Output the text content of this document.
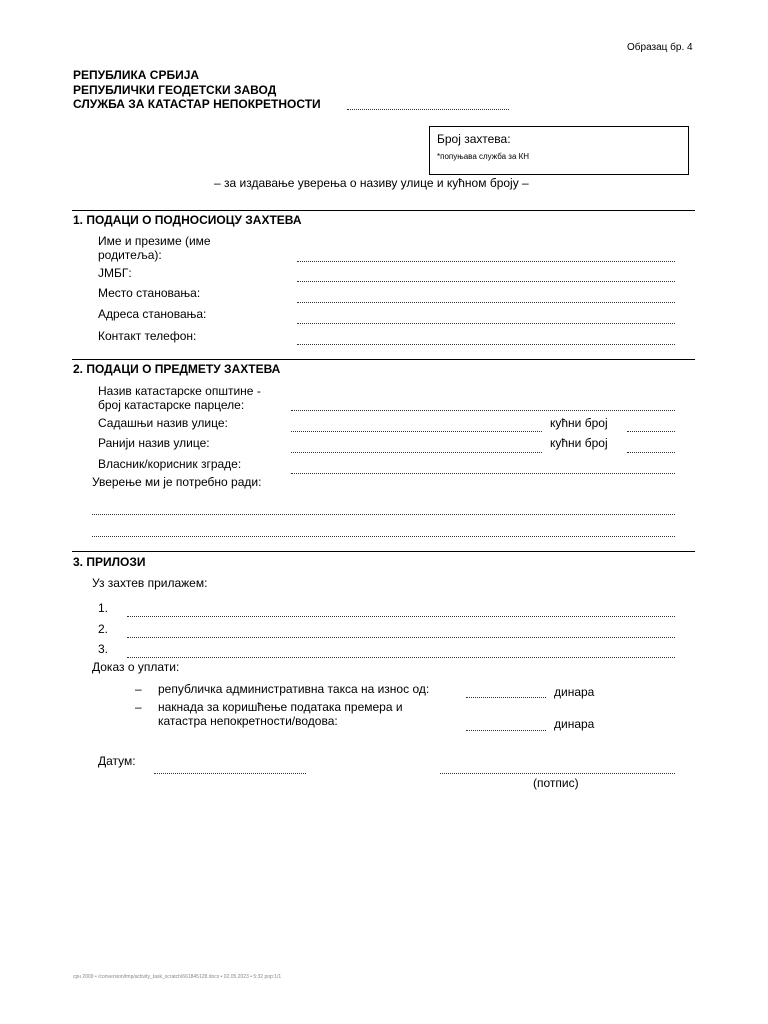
Образац бр. 4
РЕПУБЛИКА СРБИЈА
РЕПУБЛИЧКИ ГЕОДЕТСКИ ЗАВОД
СЛУЖБА ЗА КАТАСТАР НЕПОКРЕТНОСТИ
Број захтева:
*попуњава служба за КН
– за издавање уверења о називу улице и кућном броју –
1. ПОДАЦИ О ПОДНОСИОЦУ ЗАХТЕВА
Име и презиме (име
родитеља):
ЈМБГ:
Место становања:
Адреса становања:
Контакт телефон:
2. ПОДАЦИ О ПРЕДМЕТУ ЗАХТЕВА
Назив катастарске општине -
број катастарске парцеле:
Садашњи назив улице:	кућни број
Ранији назив улице:	кућни број
Власник/корисник зграде:
Уверење ми је потребно ради:
3. ПРИЛОЗИ
Уз захтев прилажем:
1.
2.
3.
Доказ о уплати:
– републичка административна такса на износ од:	динара
– накнада за коришћење података премера и
катастра непокретности/водова:	динара
Датум:
(потпис)
срн 2009 • /conversion/tmp/activity_task_scratch/661845128.docx • 02.05.2023 • 5:32 pop:1/1
